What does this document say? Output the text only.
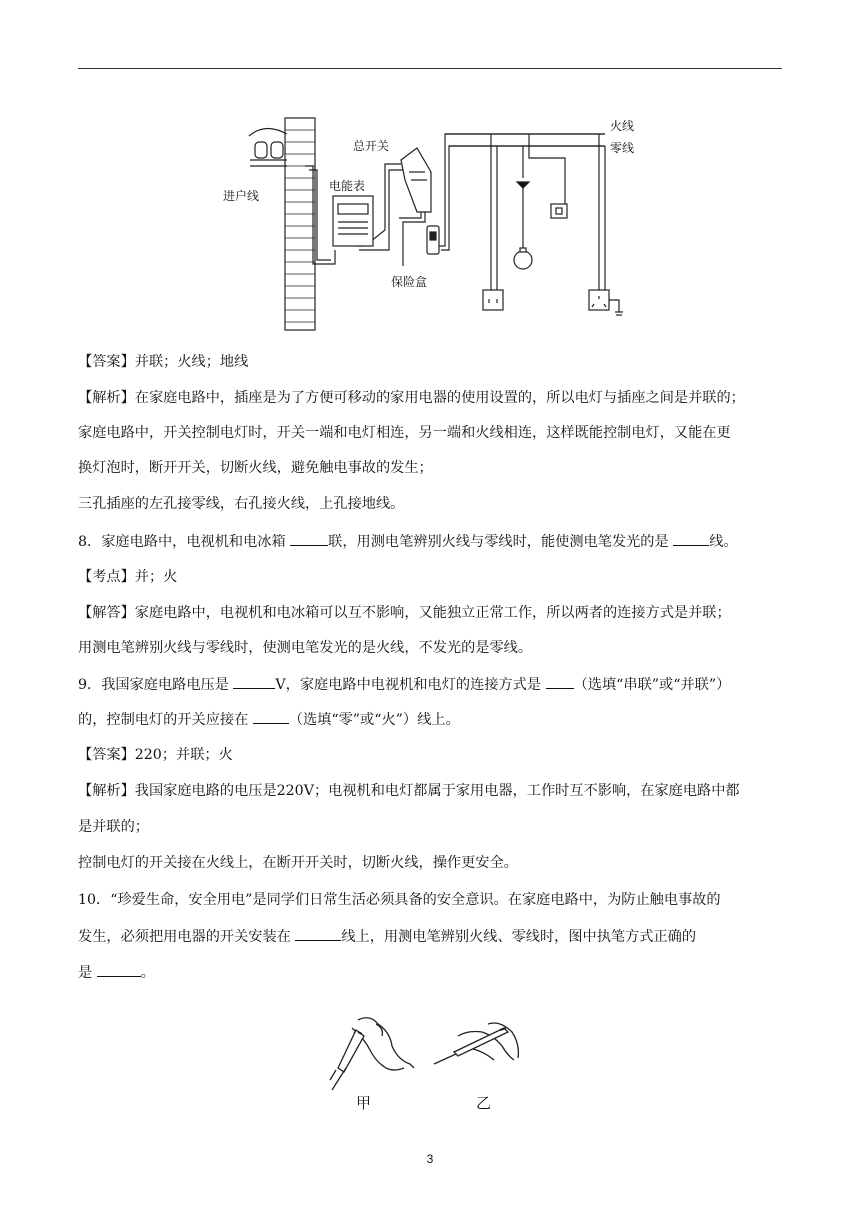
火线
零线
总开关
电能表
进户线
保险盒
【答案】并联；火线；地线
【解析】在家庭电路中，插座是为了方便可移动的家用电器的使用设置的，所以电灯与插座之间是并联的；
家庭电路中，开关控制电灯时，开关一端和电灯相连，另一端和火线相连，这样既能控制电灯，又能在更
换灯泡时，断开开关，切断火线，避免触电事故的发生；
三孔插座的左孔接零线，右孔接火线，上孔接地线。
8．家庭电路中，电视机和电冰箱	联，用测电笔辨别火线与零线时，能使测电笔发光的是	线。
【考点】并；火
【解答】家庭电路中，电视机和电冰箱可以互不影响，又能独立正常工作，所以两者的连接方式是并联；
用测电笔辨别火线与零线时，使测电笔发光的是火线，不发光的是零线。
9．我国家庭电路电压是	V，家庭电路中电视机和电灯的连接方式是 （选填“串联”或“并联”）
的，控制电灯的开关应接在	（选填“零”或“火”）线上。
【答案】220；并联；火
【解析】我国家庭电路的电压是220V；电视机和电灯都属于家用电器，工作时互不影响，在家庭电路中都
是并联的；
控制电灯的开关接在火线上，在断开开关时，切断火线，操作更安全。
10．“珍爱生命，安全用电”是同学们日常生活必须具备的安全意识。在家庭电路中，为防止触电事故的
发生，必须把用电器的开关安装在	线上，用测电笔辨别火线、零线时，图中执笔方式正确的
是	。
甲	乙
3
